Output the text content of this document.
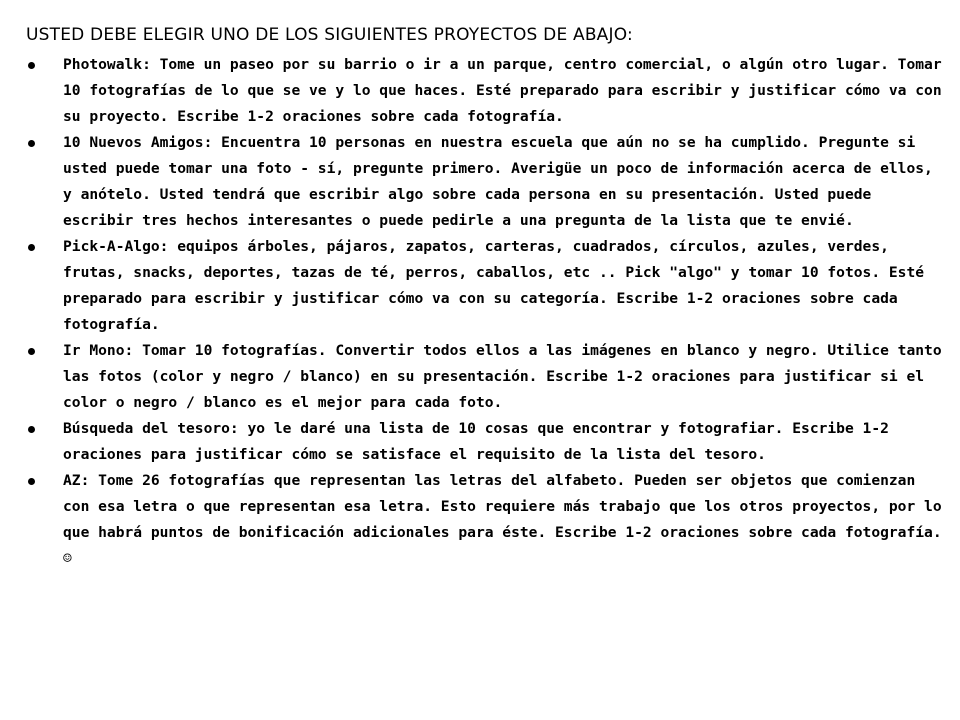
USTED DEBE ELEGIR UNO DE LOS SIGUIENTES PROYECTOS DE ABAJO:
Photowalk: Tome un paseo por su barrio o ir a un parque, centro comercial, o algún otro lugar. Tomar 10 fotografías de lo que se ve y lo que haces. Esté preparado para escribir y justificar cómo va con su proyecto. Escribe 1-2 oraciones sobre cada fotografía.
10 Nuevos Amigos: Encuentra 10 personas en nuestra escuela que aún no se ha cumplido. Pregunte si usted puede tomar una foto - sí, pregunte primero. Averigüe un poco de información acerca de ellos, y anótelo. Usted tendrá que escribir algo sobre cada persona en su presentación. Usted puede escribir tres hechos interesantes o puede pedirle a una pregunta de la lista que te envié.
Pick-A-Algo: equipos árboles, pájaros, zapatos, carteras, cuadrados, círculos, azules, verdes, frutas, snacks, deportes, tazas de té, perros, caballos, etc .. Pick "algo" y tomar 10 fotos. Esté preparado para escribir y justificar cómo va con su categoría. Escribe 1-2 oraciones sobre cada fotografía.
Ir Mono: Tomar 10 fotografías. Convertir todos ellos a las imágenes en blanco y negro. Utilice tanto las fotos (color y negro / blanco) en su presentación. Escribe 1-2 oraciones para justificar si el color o negro / blanco es el mejor para cada foto.
Búsqueda del tesoro: yo le daré una lista de 10 cosas que encontrar y fotografiar. Escribe 1-2 oraciones para justificar cómo se satisface el requisito de la lista del tesoro.
AZ: Tome 26 fotografías que representan las letras del alfabeto. Pueden ser objetos que comienzan con esa letra o que representan esa letra. Esto requiere más trabajo que los otros proyectos, por lo que habrá puntos de bonificación adicionales para éste. Escribe 1-2 oraciones sobre cada fotografía. ☺
